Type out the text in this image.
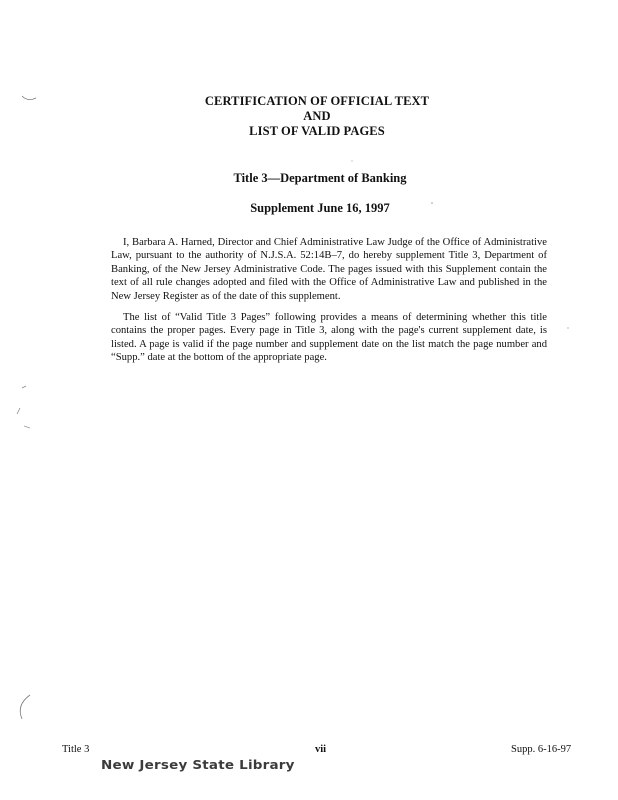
CERTIFICATION OF OFFICIAL TEXT
AND
LIST OF VALID PAGES
Title 3—Department of Banking
Supplement June 16, 1997

I, Barbara A. Harned, Director and Chief Administrative Law Judge of the Office of Administrative Law, pursuant to the authority of N.J.S.A. 52:14B–7, do hereby supplement Title 3, Department of Banking, of the New Jersey Administrative Code. The pages issued with this Supplement contain the text of all rule changes adopted and filed with the Office of Administrative Law and published in the New Jersey Register as of the date of this supplement.

The list of “Valid Title 3 Pages” following provides a means of determining whether this title contains the proper pages. Every page in Title 3, along with the page's current supplement date, is listed. A page is valid if the page number and supplement date on the list match the page number and “Supp.” date at the bottom of the appropriate page.

Title 3	vii	Supp. 6-16-97
New Jersey State Library
